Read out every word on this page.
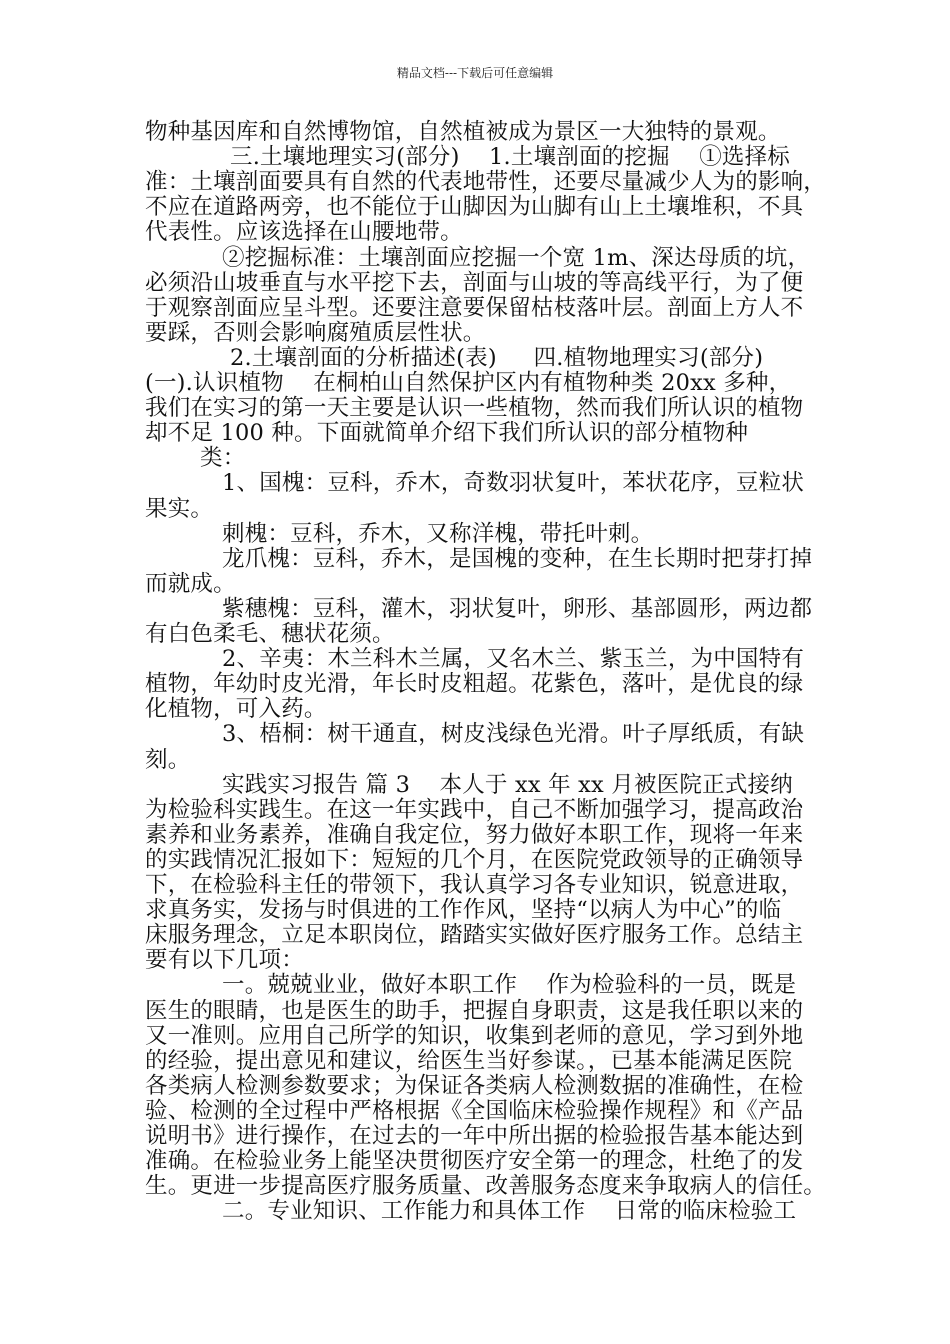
精品文档---下载后可任意编辑
物种基因库和自然博物馆，自然植被成为景区一大独特的景观。
三.土壤地理实习(部分)    1.土壤剖面的挖掘    ①选择标
准：土壤剖面要具有自然的代表地带性，还要尽量减少人为的影响，
不应在道路两旁，也不能位于山脚因为山脚有山上土壤堆积，不具
代表性。应该选择在山腰地带。
②挖掘标准：土壤剖面应挖掘一个宽 1m、深达母质的坑，
必须沿山坡垂直与水平挖下去，剖面与山坡的等高线平行，为了便
于观察剖面应呈斗型。还要注意要保留枯枝落叶层。剖面上方人不
要踩，否则会影响腐殖质层性状。
2.土壤剖面的分析描述(表)     四.植物地理实习(部分)
(一).认识植物    在桐柏山自然保护区内有植物种类 20xx 多种，
我们在实习的第一天主要是认识一些植物，然而我们所认识的植物
却不足 100 种。下面就简单介绍下我们所认识的部分植物种
类：
1、国槐：豆科，乔木，奇数羽状复叶，苯状花序，豆粒状
果实。
刺槐：豆科，乔木，又称洋槐，带托叶刺。
龙爪槐：豆科，乔木，是国槐的变种，在生长期时把芽打掉
而就成。
紫穗槐：豆科，灌木，羽状复叶，卵形、基部圆形，两边都
有白色柔毛、穗状花须。
2、辛夷：木兰科木兰属，又名木兰、紫玉兰，为中国特有
植物，年幼时皮光滑，年长时皮粗超。花紫色，落叶，是优良的绿
化植物，可入药。
3、梧桐：树干通直，树皮浅绿色光滑。叶子厚纸质，有缺
刻。
实践实习报告 篇 3    本人于 xx 年 xx 月被医院正式接纳
为检验科实践生。在这一年实践中，自己不断加强学习，提高政治
素养和业务素养，准确自我定位，努力做好本职工作，现将一年来
的实践情况汇报如下：短短的几个月，在医院党政领导的正确领导
下，在检验科主任的带领下，我认真学习各专业知识，锐意进取，
求真务实，发扬与时俱进的工作作风，坚持“以病人为中心”的临
床服务理念，立足本职岗位，踏踏实实做好医疗服务工作。总结主
要有以下几项：
一。兢兢业业，做好本职工作    作为检验科的一员，既是
医生的眼睛，也是医生的助手，把握自身职责，这是我任职以来的
又一准则。应用自己所学的知识，收集到老师的意见，学习到外地
的经验，提出意见和建议，给医生当好参谋。，已基本能满足医院
各类病人检测参数要求；为保证各类病人检测数据的准确性，在检
验、检测的全过程中严格根据《全国临床检验操作规程》和《产品
说明书》进行操作，在过去的一年中所出据的检验报告基本能达到
准确。在检验业务上能坚决贯彻医疗安全第一的理念，杜绝了的发
生。更进一步提高医疗服务质量、改善服务态度来争取病人的信任。
二。专业知识、工作能力和具体工作    日常的临床检验工
